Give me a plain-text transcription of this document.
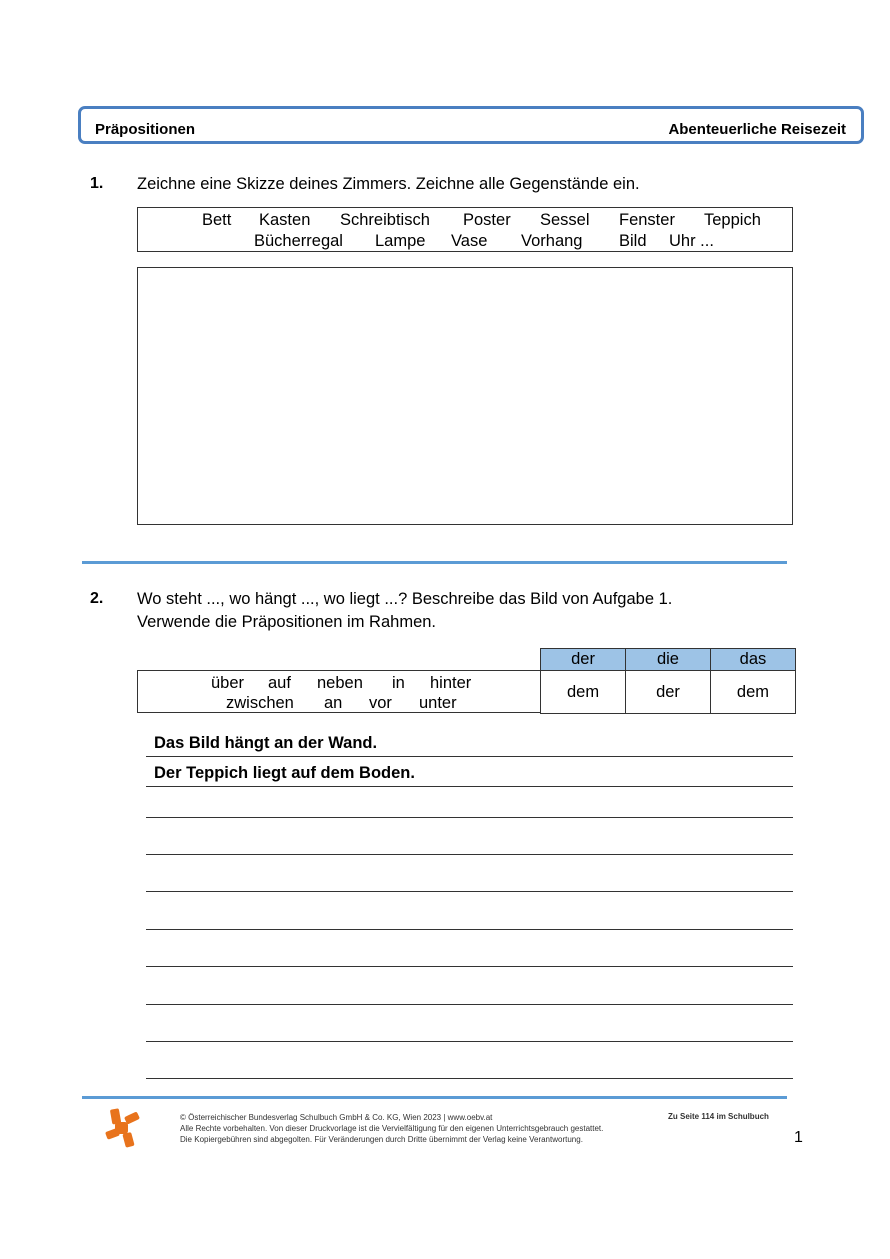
Präpositionen	Abenteuerliche Reisezeit
1. Zeichne eine Skizze deines Zimmers. Zeichne alle Gegenstände ein.
Bett Kasten Schreibtisch Poster Sessel Fenster Teppich
Bücherregal Lampe Vase Vorhang Bild Uhr ...
2. Wo steht ..., wo hängt ..., wo liegt ...? Beschreibe das Bild von Aufgabe 1.
Verwende die Präpositionen im Rahmen.
über auf neben in hinter
zwischen an vor unter
der	die	das
dem	der	dem
Das Bild hängt an der Wand.
Der Teppich liegt auf dem Boden.
© Österreichischer Bundesverlag Schulbuch GmbH & Co. KG, Wien 2023 | www.oebv.at
Alle Rechte vorbehalten. Von dieser Druckvorlage ist die Vervielfältigung für den eigenen Unterrichtsgebrauch gestattet.
Die Kopiergebühren sind abgegolten. Für Veränderungen durch Dritte übernimmt der Verlag keine Verantwortung.
Zu Seite 114 im Schulbuch
1
